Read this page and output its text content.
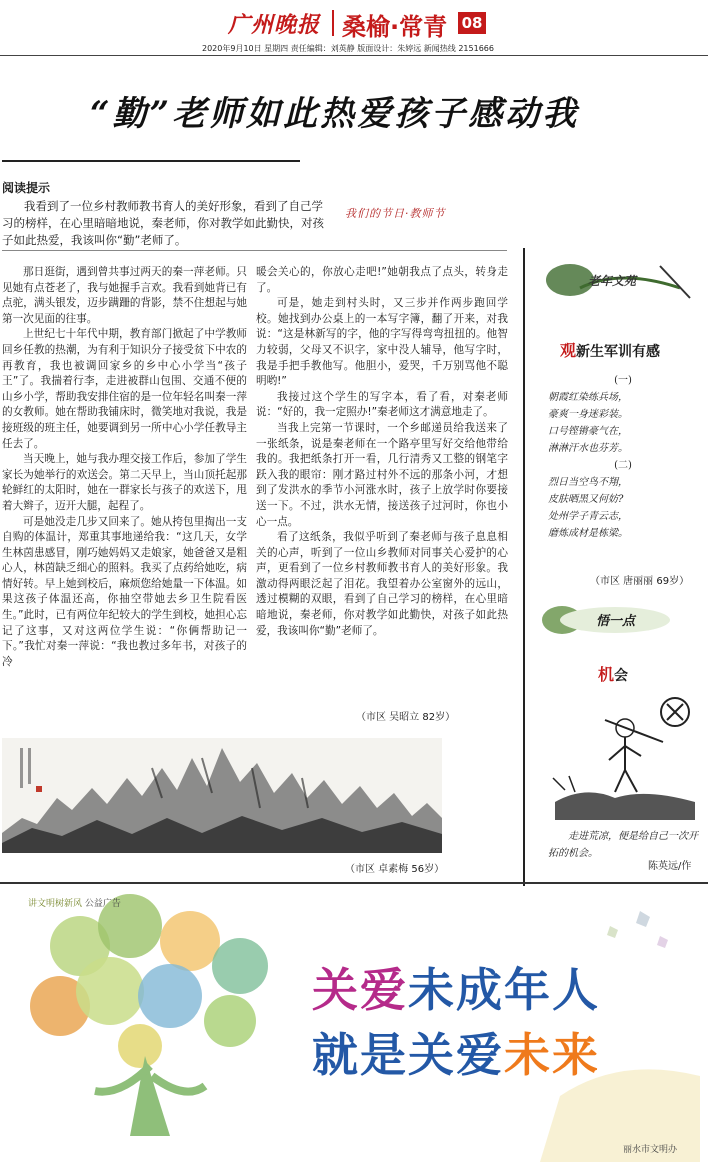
广州晚报 桑榆·常青 08
2020年9月10日 星期四 责任编辑：刘英静 版面设计：朱婷远 新闻热线 2151666
“勤”老师如此热爱孩子感动我
阅读提示
我看到了一位乡村教师教书育人的美好形象，看到了自己学习的榜样，在心里暗暗地说，秦老师，你对教学如此勤快，对孩子如此热爱，我该叫你“勤”老师了。
我们的节日·教师节

那日逛街，遇到曾共事过两天的秦一萍老师。只见她有点苍老了，我与她握手言欢。我看到她背已有点驼，满头银发，迈步蹒跚的背影，禁不住想起与她第一次见面的往事。

上世纪七十年代中期，教育部门掀起了中学教师回乡任教的热潮，为有利于知识分子接受贫下中农的再教育，我也被调回家乡的乡中心小学当“孩子王”了。我揣着行李，走进被群山包围、交通不便的山乡小学，帮助我安排住宿的是一位年轻名叫秦一萍的女教师。她在帮助我铺床时，微笑地对我说，我是接班级的班主任，她要调到另一所中心小学任教导主任去了。

当天晚上，她与我办理交接工作后，参加了学生家长为她举行的欢送会。第二天早上，当山顶托起那轮鲜红的太阳时，她在一群家长与孩子的欢送下，甩着大辫子，迈开大腿，起程了。

可是她没走几步又回来了。她从挎包里掏出一支自购的体温计，郑重其事地递给我：“这几天，女学生林茵患感冒，刚巧她妈妈又走娘家，她爸爸又是粗心人，林茵缺乏细心的照料。我买了点药给她吃，病情好转。早上她到校后，麻烦您给她量一下体温。如果这孩子体温还高，你抽空带她去乡卫生院看医生。”此时，已有两位年纪较大的学生到校，她担心忘记了这事，又对这两位学生说：“你俩帮助记一下。”我忙对秦一萍说：“我也教过多年书，对孩子的冷

暖会关心的，你放心走吧!”她朝我点了点头，转身走了。

可是，她走到村头时，又三步并作两步跑回学校。她找到办公桌上的一本写字簿，翻了开来，对我说：“这是林新写的字，他的字写得弯弯扭扭的。他智力较弱，父母又不识字，家中没人辅导，他写字时，我是手把手教他写。他胆小，爱哭，千万别骂他不聪明哟!”

我接过这个学生的写字本，看了看，对秦老师说：“好的，我一定照办!”秦老师这才满意地走了。

当我上完第一节课时，一个乡邮递员给我送来了一张纸条，说是秦老师在一个路亭里写好交给他带给我的。我把纸条打开一看，几行清秀又工整的钢笔字跃入我的眼帘：刚才路过村外不远的那条小河，才想到了发洪水的季节小河涨水时，孩子上放学时你要接送一下。不过，洪水无情，接送孩子过河时，你也小心一点。

看了这纸条，我似乎听到了秦老师与孩子息息相关的心声，听到了一位山乡教师对同事关心爱护的心声，更看到了一位乡村教师教书育人的美好形象。我激动得两眼泛起了泪花。我望着办公室窗外的远山，透过模糊的双眼，看到了自己学习的榜样，在心里暗暗地说，秦老师，你对教学如此勤快，对孩子如此热爱，我该叫你“勤”老师了。

（市区 吴昭立 82岁）
（市区 卓素梅 56岁）
老年文苑
观新生军训有感
(一)
朝霞红染练兵场，
豪爽一身迷彩装。
口号铿锵豪气在，
淋淋汗水也芬芳。
(二)
烈日当空鸟不翔，
皮肤晒黑又何妨?
处州学子青云志，
磨炼成材是栋梁。
（市区 唐丽丽 69岁）
悟一点
机会
走进荒凉，便是给自己一次开拓的机会。
陈英远/作
讲文明树新风 公益广告
关爱未成年人
就是关爱未来
丽水市文明办
